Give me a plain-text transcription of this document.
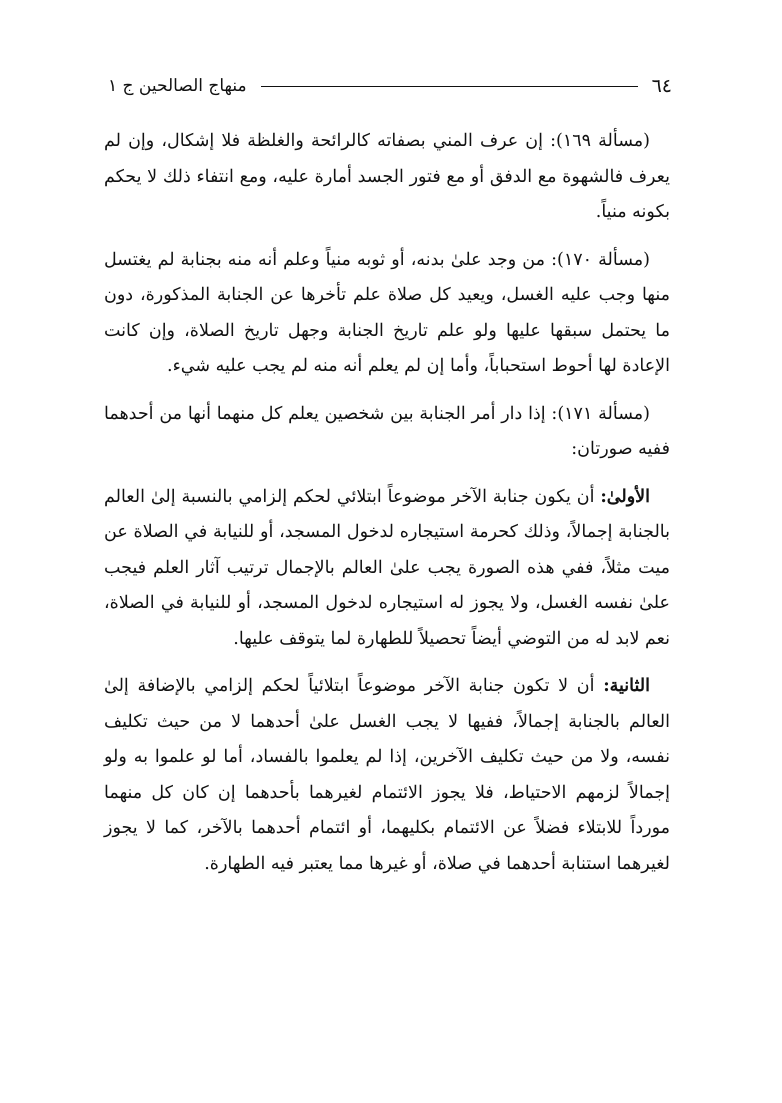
٦٤
منهاج الصالحين ج ١

(مسألة ١٦٩): إن عرف المني بصفاته كالرائحة والغلظة فلا إشكال، وإن لم يعرف فالشهوة مع الدفق أو مع فتور الجسد أمارة عليه، ومع انتفاء ذلك لا يحكم بكونه منياً.

(مسألة ١٧٠): من وجد علىٰ بدنه، أو ثوبه منياً وعلم أنه منه بجنابة لم يغتسل منها وجب عليه الغسل، ويعيد كل صلاة علم تأخرها عن الجنابة المذكورة، دون ما يحتمل سبقها عليها ولو علم تاريخ الجنابة وجهل تاريخ الصلاة، وإن كانت الإعادة لها أحوط استحباباً، وأما إن لم يعلم أنه منه لم يجب عليه شيء.

(مسألة ١٧١): إذا دار أمر الجنابة بين شخصين يعلم كل منهما أنها من أحدهما ففيه صورتان:

الأولىٰ: أن يكون جنابة الآخر موضوعاً ابتلائي لحكم إلزامي بالنسبة إلىٰ العالم بالجنابة إجمالاً، وذلك كحرمة استيجاره لدخول المسجد، أو للنيابة في الصلاة عن ميت مثلاً، ففي هذه الصورة يجب علىٰ العالم بالإجمال ترتيب آثار العلم فيجب علىٰ نفسه الغسل، ولا يجوز له استيجاره لدخول المسجد، أو للنيابة في الصلاة، نعم لابد له من التوضي أيضاً تحصيلاً للطهارة لما يتوقف عليها.

الثانية: أن لا تكون جنابة الآخر موضوعاً ابتلائياً لحكم إلزامي بالإضافة إلىٰ العالم بالجنابة إجمالاً، ففيها لا يجب الغسل علىٰ أحدهما لا من حيث تكليف نفسه، ولا من حيث تكليف الآخرين، إذا لم يعلموا بالفساد، أما لو علموا به ولو إجمالاً لزمهم الاحتياط، فلا يجوز الائتمام لغيرهما بأحدهما إن كان كل منهما مورداً للابتلاء فضلاً عن الائتمام بكليهما، أو ائتمام أحدهما بالآخر، كما لا يجوز لغيرهما استنابة أحدهما في صلاة، أو غيرها مما يعتبر فيه الطهارة.
